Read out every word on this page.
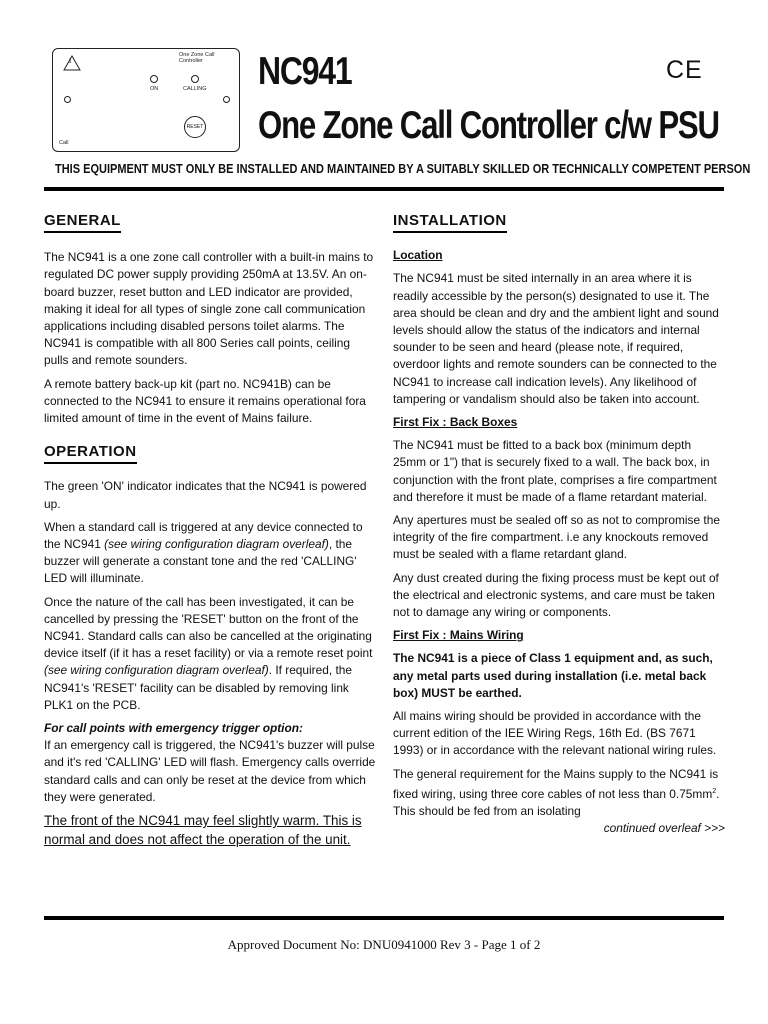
!
One Zone Call Controller
ON	CALLING
RESET
Call
NC941
One Zone Call Controller c/w PSU
CE
THIS EQUIPMENT MUST ONLY BE INSTALLED AND MAINTAINED BY A SUITABLY SKILLED OR TECHNICALLY COMPETENT PERSON
GENERAL

The NC941 is a one zone call controller with a built-in mains to regulated DC power supply providing 250mA at 13.5V. An on-board buzzer, reset button and LED indicator are provided, making it ideal for all types of single zone call communication applications including disabled persons toilet alarms. The NC941 is compatible with all 800 Series call points, ceiling pulls and remote sounders.

A remote battery back-up kit (part no. NC941B) can be connected to the NC941 to ensure it remains operational fora limited amount of time in the event of Mains failure.

OPERATION

The green 'ON' indicator indicates that the NC941 is powered up.

When a standard call is triggered at any device connected to the NC941 (see wiring configuration diagram overleaf), the buzzer will generate a constant tone and the red 'CALLING' LED will illuminate.

Once the nature of the call has been investigated, it can be cancelled by pressing the 'RESET' button on the front of the NC941. Standard calls can also be cancelled at the originating device itself (if it has a reset facility) or via a remote reset point (see wiring configuration diagram overleaf). If required, the NC941's 'RESET' facility can be disabled by removing link PLK1 on the PCB.

For call points with emergency trigger option:

If an emergency call is triggered, the NC941's buzzer will pulse and it's red 'CALLING' LED will flash. Emergency calls override standard calls and can only be reset at the device from which they were generated.

The front of the NC941 may feel slightly warm. This is normal and does not affect the operation of the unit.

INSTALLATION
Location

The NC941 must be sited internally in an area where it is readily accessible by the person(s) designated to use it. The area should be clean and dry and the ambient light and sound levels should allow the status of the indicators and internal sounder to be seen and heard (please note, if required, overdoor lights and remote sounders can be connected to the NC941 to increase call indication levels). Any likelihood of tampering or vandalism should also be taken into account.

First Fix : Back Boxes

The NC941 must be fitted to a back box (minimum depth 25mm or 1") that is securely fixed to a wall. The back box, in conjunction with the front plate, comprises a fire compartment and therefore it must be made of a flame retardant material.

Any apertures must be sealed off so as not to compromise the integrity of the fire compartment. i.e any knockouts removed must be sealed with a flame retardant gland.

Any dust created during the fixing process must be kept out of the electrical and electronic systems, and care must be taken not to damage any wiring or components.

First Fix : Mains Wiring

The NC941 is a piece of Class 1 equipment and, as such, any metal parts used during installation (i.e. metal back box) MUST be earthed.

All mains wiring should be provided in accordance with the current edition of the IEE Wiring Regs, 16th Ed. (BS 7671 1993) or in accordance with the relevant national wiring rules.

The general requirement for the Mains supply to the NC941 is fixed wiring, using three core cables of not less than $0.75mm^2$. This should be fed from an isolating

continued overleaf >>>

Approved Document No: DNU0941000 Rev 3 - Page 1 of 2
